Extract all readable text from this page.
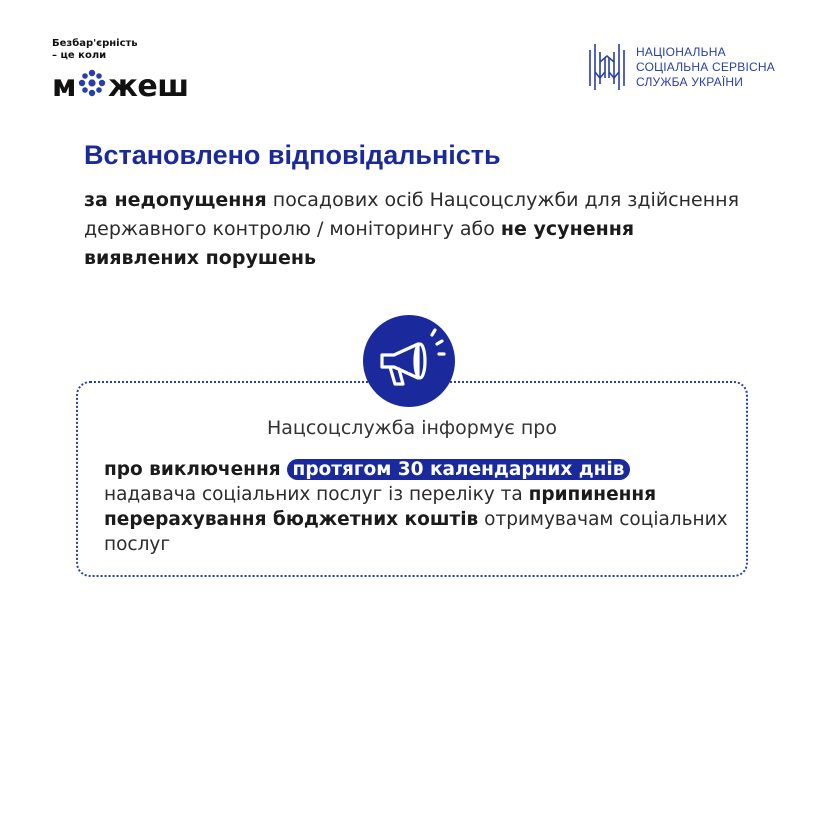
Безбар'єрність
– це коли
м жеш
НАЦІОНАЛЬНА
СОЦІАЛЬНА СЕРВІСНА
СЛУЖБА УКРАЇНИ
Встановлено відповідальність

за недопущення посадових осіб Нацсоцслужби для здійснення державного контролю / моніторингу або не усунення виявлених порушень

Нацсоцслужба інформує про

про виключення протягом 30 календарних днів
надавача соціальних послуг із переліку та припинення перерахування бюджетних коштів отримувачам соціальних послуг
